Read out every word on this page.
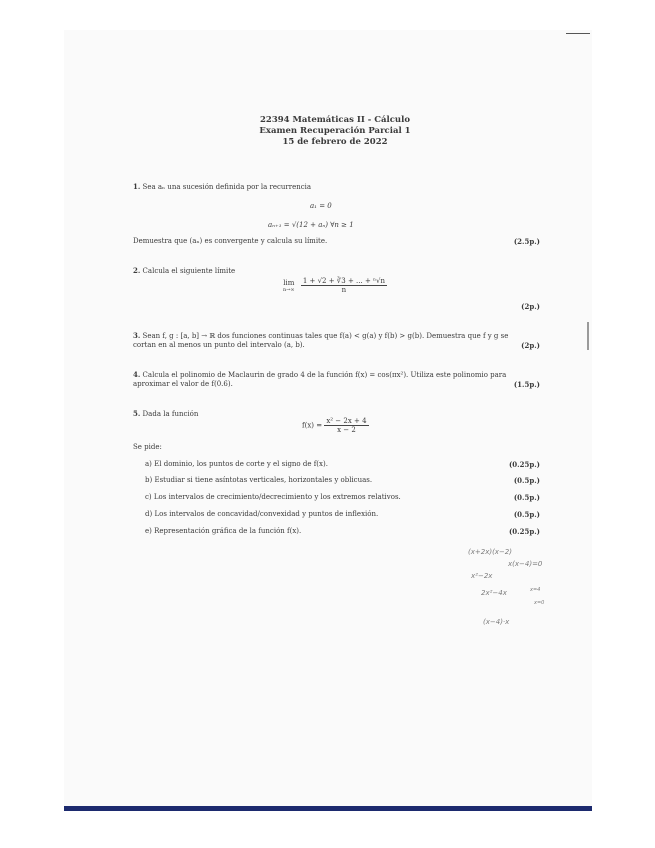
22394 Matemáticas II - Cálculo
Examen Recuperación Parcial 1
15 de febrero de 2022
1. Sea aₙ una sucesión definida por la recurrencia
a₁ = 0
aₙ₊₁ = √(12 + aₙ) ∀n ≥ 1
Demuestra que (aₙ) es convergente y calcula su límite.	(2.5p.)
2. Calcula el siguiente límite
lim
n→∞
$\frac{\text{1 + √2 + ∛3 + ... + ⁿ√n}}{n}$
(2p.)
3. Sean f, g : [a, b] → ℝ dos funciones continuas tales que f(a) < g(a) y f(b) > g(b). Demuestra que f y g se
cortan en al menos un punto del intervalo (a, b).	(2p.)
4. Calcula el polinomio de Maclaurin de grado 4 de la función f(x) = cos(πx²). Utiliza este polinomio para
aproximar el valor de f(0.6).	(1.5p.)
5. Dada la función
$f(x) = \frac{\text{x² − 2x + 4}}{x - 2}$
Se pide:
a) El dominio, los puntos de corte y el signo de f(x).	(0.25p.)
b) Estudiar si tiene asíntotas verticales, horizontales y oblicuas.	(0.5p.)
c) Los intervalos de crecimiento/decrecimiento y los extremos relativos.	(0.5p.)
d) Los intervalos de concavidad/convexidad y puntos de inflexión.	(0.5p.)
e) Representación gráfica de la función f(x).	(0.25p.)
(x+2x)(x−2)
x(x−4)=0
x²−2x
2x²−4x	x=4
x=0
(x−4)·x
